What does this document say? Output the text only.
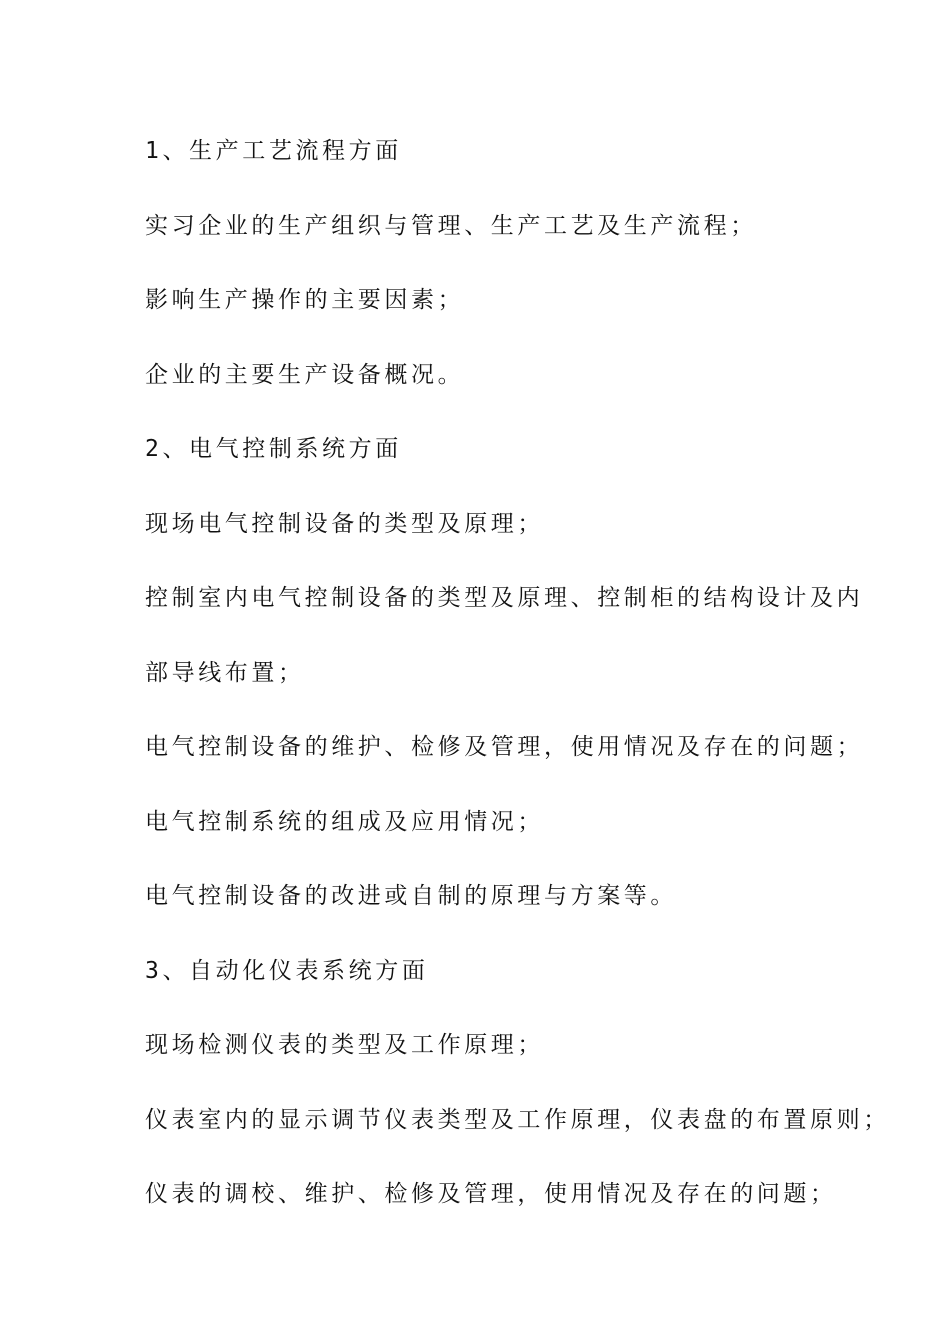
1、生产工艺流程方面
实习企业的生产组织与管理、生产工艺及生产流程；
影响生产操作的主要因素；
企业的主要生产设备概况。
2、电气控制系统方面
现场电气控制设备的类型及原理；
控制室内电气控制设备的类型及原理、控制柜的结构设计及内
部导线布置；
电气控制设备的维护、检修及管理，使用情况及存在的问题；
电气控制系统的组成及应用情况；
电气控制设备的改进或自制的原理与方案等。
3、自动化仪表系统方面
现场检测仪表的类型及工作原理；
仪表室内的显示调节仪表类型及工作原理，仪表盘的布置原则；
仪表的调校、维护、检修及管理，使用情况及存在的问题；
